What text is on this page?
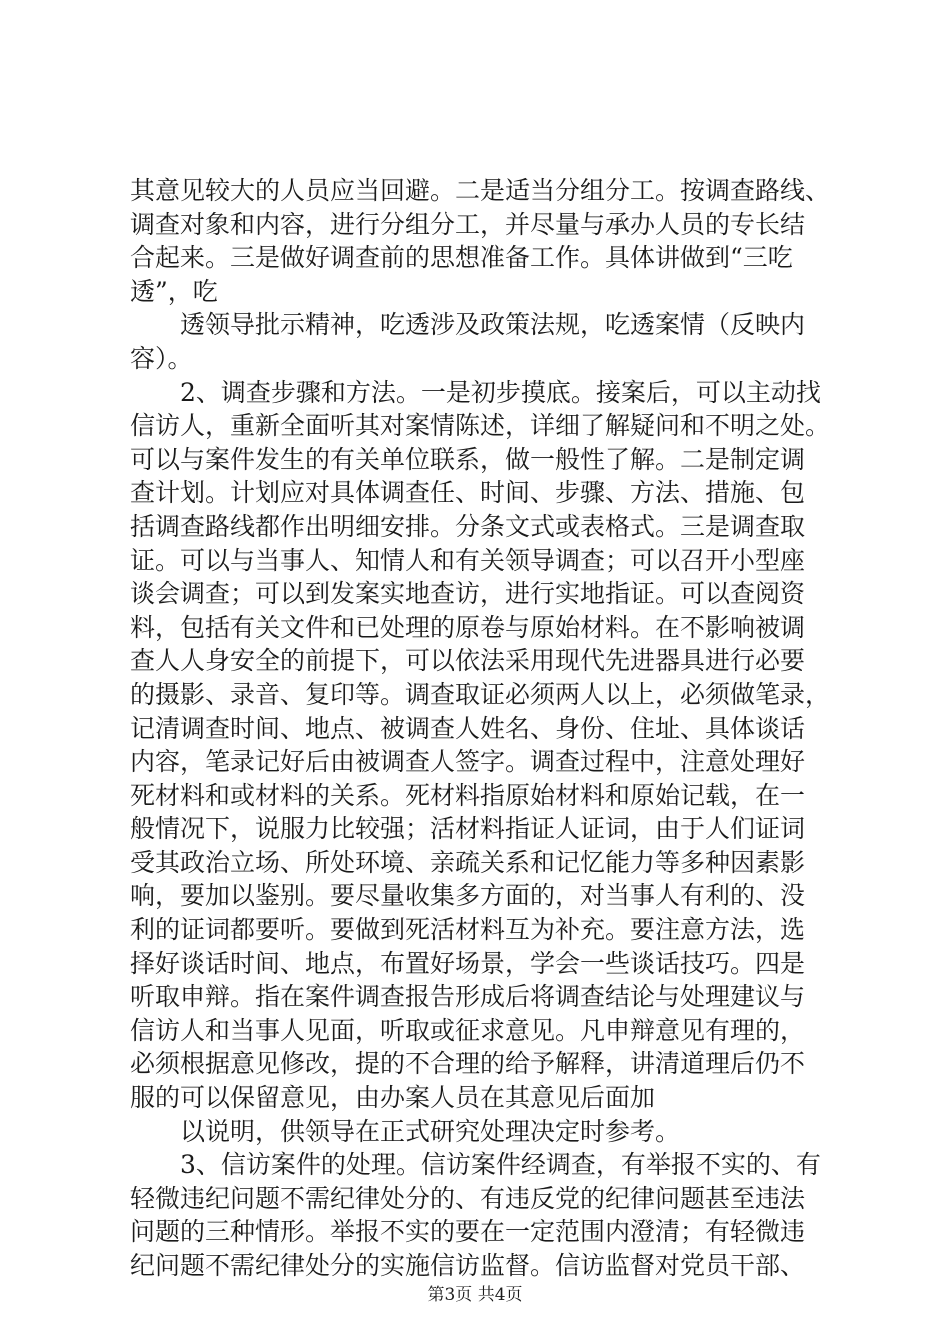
其意见较大的人员应当回避。二是适当分组分工。按调查路线、
调查对象和内容，进行分组分工，并尽量与承办人员的专长结
合起来。三是做好调查前的思想准备工作。具体讲做到“三吃
透”，吃
透领导批示精神，吃透涉及政策法规，吃透案情（反映内
容）。
2、调查步骤和方法。一是初步摸底。接案后，可以主动找
信访人，重新全面听其对案情陈述，详细了解疑问和不明之处。
可以与案件发生的有关单位联系，做一般性了解。二是制定调
查计划。计划应对具体调查任、时间、步骤、方法、措施、包
括调查路线都作出明细安排。分条文式或表格式。三是调查取
证。可以与当事人、知情人和有关领导调查；可以召开小型座
谈会调查；可以到发案实地查访，进行实地指证。可以查阅资
料，包括有关文件和已处理的原卷与原始材料。在不影响被调
查人人身安全的前提下，可以依法采用现代先进器具进行必要
的摄影、录音、复印等。调查取证必须两人以上，必须做笔录，
记清调查时间、地点、被调查人姓名、身份、住址、具体谈话
内容，笔录记好后由被调查人签字。调查过程中，注意处理好
死材料和或材料的关系。死材料指原始材料和原始记载，在一
般情况下，说服力比较强；活材料指证人证词，由于人们证词
受其政治立场、所处环境、亲疏关系和记忆能力等多种因素影
响，要加以鉴别。要尽量收集多方面的，对当事人有利的、没
利的证词都要听。要做到死活材料互为补充。要注意方法，选
择好谈话时间、地点，布置好场景，学会一些谈话技巧。四是
听取申辩。指在案件调查报告形成后将调查结论与处理建议与
信访人和当事人见面，听取或征求意见。凡申辩意见有理的，
必须根据意见修改，提的不合理的给予解释，讲清道理后仍不
服的可以保留意见，由办案人员在其意见后面加
以说明，供领导在正式研究处理决定时参考。
3、信访案件的处理。信访案件经调查，有举报不实的、有
轻微违纪问题不需纪律处分的、有违反党的纪律问题甚至违法
问题的三种情形。举报不实的要在一定范围内澄清；有轻微违
纪问题不需纪律处分的实施信访监督。信访监督对党员干部、
第3页 共4页
